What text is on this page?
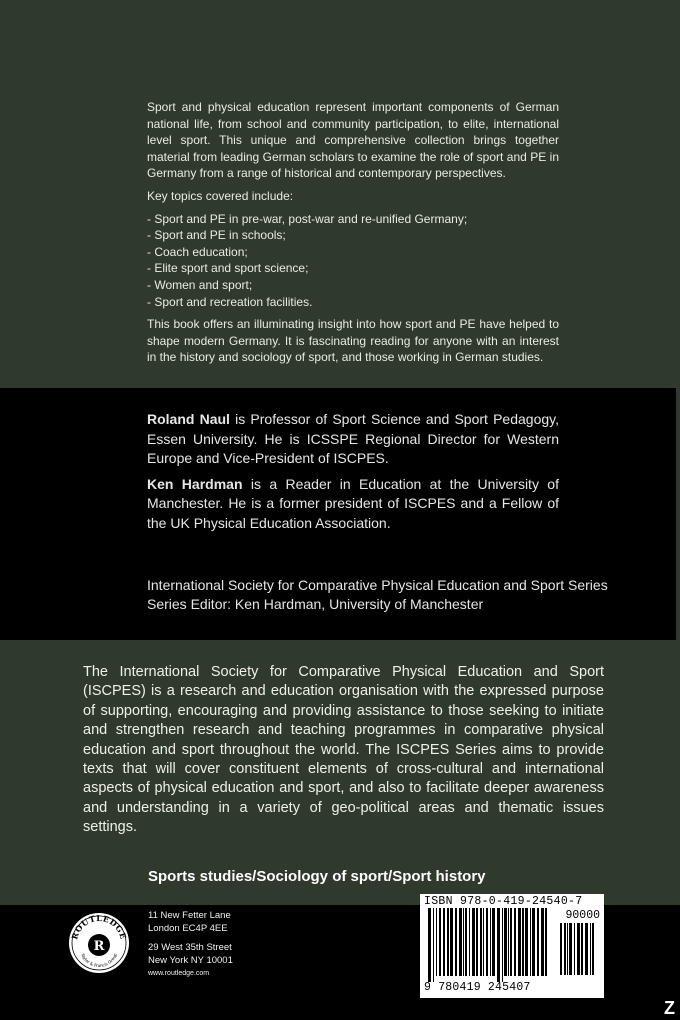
Sport and physical education represent important components of German national life, from school and community participation, to elite, international level sport. This unique and comprehensive collection brings together material from leading German scholars to examine the role of sport and PE in Germany from a range of historical and contemporary perspectives.

Key topics covered include:

- Sport and PE in pre-war, post-war and re-unified Germany;
- Sport and PE in schools;
- Coach education;
- Elite sport and sport science;
- Women and sport;
- Sport and recreation facilities.

This book offers an illuminating insight into how sport and PE have helped to shape modern Germany. It is fascinating reading for anyone with an interest in the history and sociology of sport, and those working in German studies.

Roland Naul is Professor of Sport Science and Sport Pedagogy, Essen University. He is ICSSPE Regional Director for Western Europe and Vice-President of ISCPES.

Ken Hardman is a Reader in Education at the University of Manchester. He is a former president of ISCPES and a Fellow of the UK Physical Education Association.

International Society for Comparative Physical Education and Sport Series
Series Editor: Ken Hardman, University of Manchester

The International Society for Comparative Physical Education and Sport (ISCPES) is a research and education organisation with the expressed purpose of supporting, encouraging and providing assistance to those seeking to initiate and strengthen research and teaching programmes in comparative physical education and sport throughout the world. The ISCPES Series aims to provide texts that will cover constituent elements of cross-cultural and international aspects of physical education and sport, and also to facilitate deeper awareness and understanding in a variety of geo-political areas and thematic issues settings.

Sports studies/Sociology of sport/Sport history

ROUTLEDGE
Taylor & Francis Group
R
11 New Fetter Lane
London EC4P 4EE
29 West 35th Street
New York NY 10001
www.routledge.com
ISBN 978-0-419-24540-7
90000
9 780419 245407
Z
